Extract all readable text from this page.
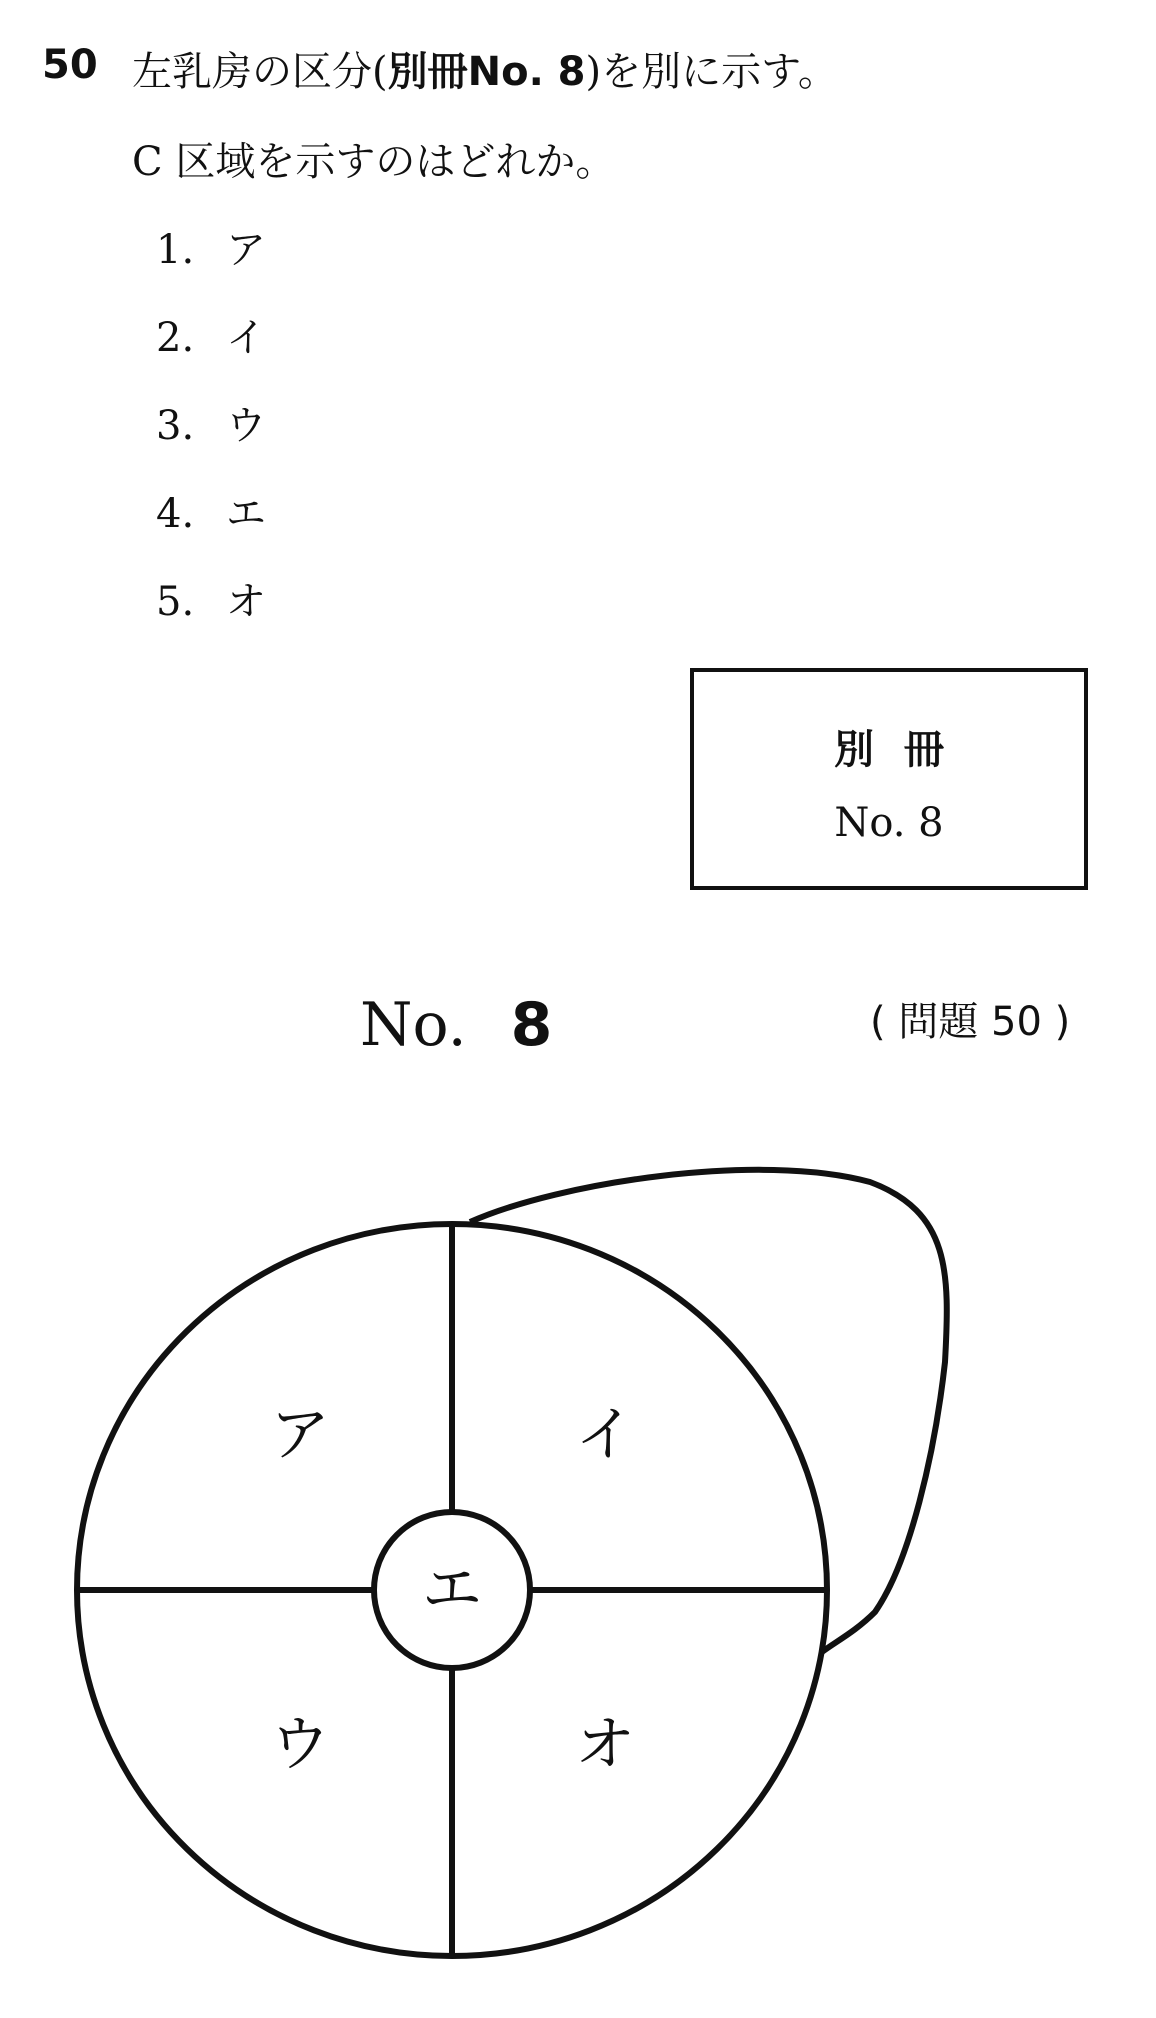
50 左乳房の区分(別冊No. 8)を別に示す。
C 区域を示すのはどれか。
1. ア
2. イ
3. ウ
4. エ
5. オ
別冊
No. 8
No. 8	( 問題 50 )
ア	イ
エ
ウ	オ
